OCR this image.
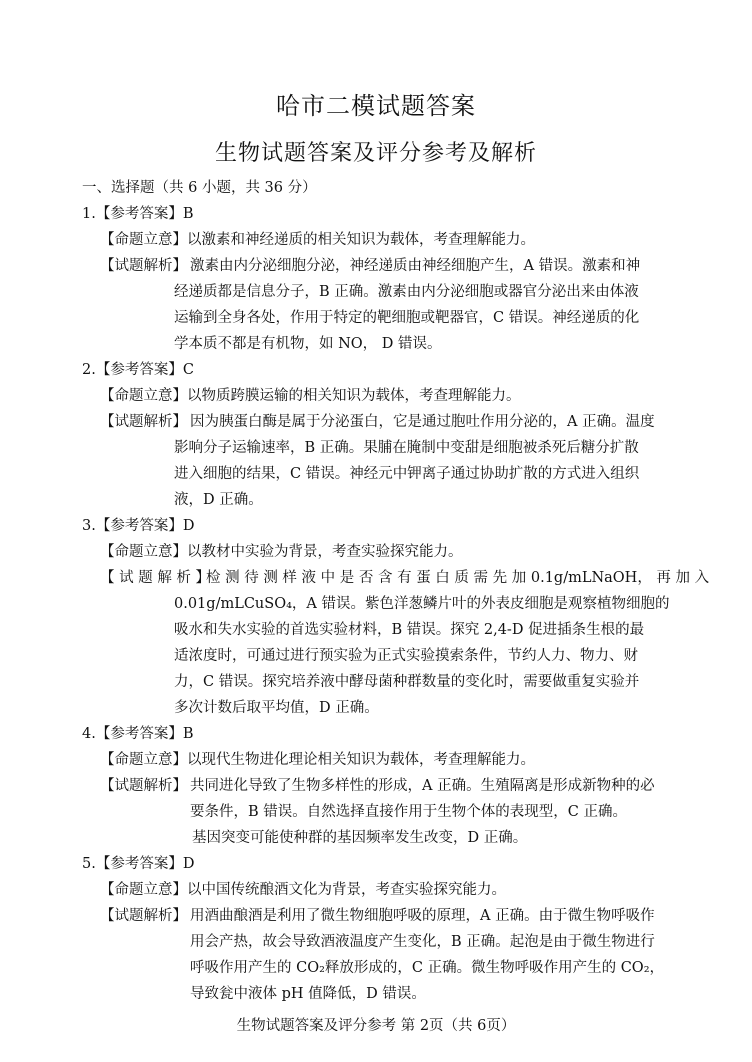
哈市二模试题答案
生物试题答案及评分参考及解析
一、选择题（共 6 小题，共 36 分）
1.【参考答案】B
【命题立意】以激素和神经递质的相关知识为载体，考查理解能力。
【试题解析】 激素由内分泌细胞分泌，神经递质由神经细胞产生，A 错误。激素和神
经递质都是信息分子，B 正确。激素由内分泌细胞或器官分泌出来由体液
运输到全身各处，作用于特定的靶细胞或靶器官，C 错误。神经递质的化
学本质不都是有机物，如 NO， D 错误。
2.【参考答案】C
【命题立意】以物质跨膜运输的相关知识为载体，考查理解能力。
【试题解析】 因为胰蛋白酶是属于分泌蛋白，它是通过胞吐作用分泌的，A 正确。温度
影响分子运输速率，B 正确。果脯在腌制中变甜是细胞被杀死后糖分扩散
进入细胞的结果，C 错误。神经元中钾离子通过协助扩散的方式进入组织
液，D 正确。
3.【参考答案】D
【命题立意】以教材中实验为背景，考查实验探究能力。
【 试 题 解 析 】
检 测 待 测 样 液 中 是 否 含 有 蛋 白 质 需 先 加 0.1g/mLNaOH， 再 加 入
0.01g/mLCuSO₄，A 错误。紫色洋葱鳞片叶的外表皮细胞是观察植物细胞的
吸水和失水实验的首选实验材料，B 错误。探究 2,4-D 促进插条生根的最
适浓度时，可通过进行预实验为正式实验摸索条件，节约人力、物力、财
力，C 错误。探究培养液中酵母菌种群数量的变化时，需要做重复实验并
多次计数后取平均值，D 正确。
4.【参考答案】B
【命题立意】以现代生物进化理论相关知识为载体，考查理解能力。
【试题解析】 共同进化导致了生物多样性的形成，A 正确。生殖隔离是形成新物种的必
要条件，B 错误。自然选择直接作用于生物个体的表现型，C 正确。
基因突变可能使种群的基因频率发生改变，D 正确。
5.【参考答案】D
【命题立意】以中国传统酿酒文化为背景，考查实验探究能力。
【试题解析】 用酒曲酿酒是利用了微生物细胞呼吸的原理，A 正确。由于微生物呼吸作
用会产热，故会导致酒液温度产生变化，B 正确。起泡是由于微生物进行
呼吸作用产生的 CO₂释放形成的，C 正确。微生物呼吸作用产生的 CO₂，
导致瓮中液体 pH 值降低，D 错误。
生物试题答案及评分参考 第 2页（共 6页）
